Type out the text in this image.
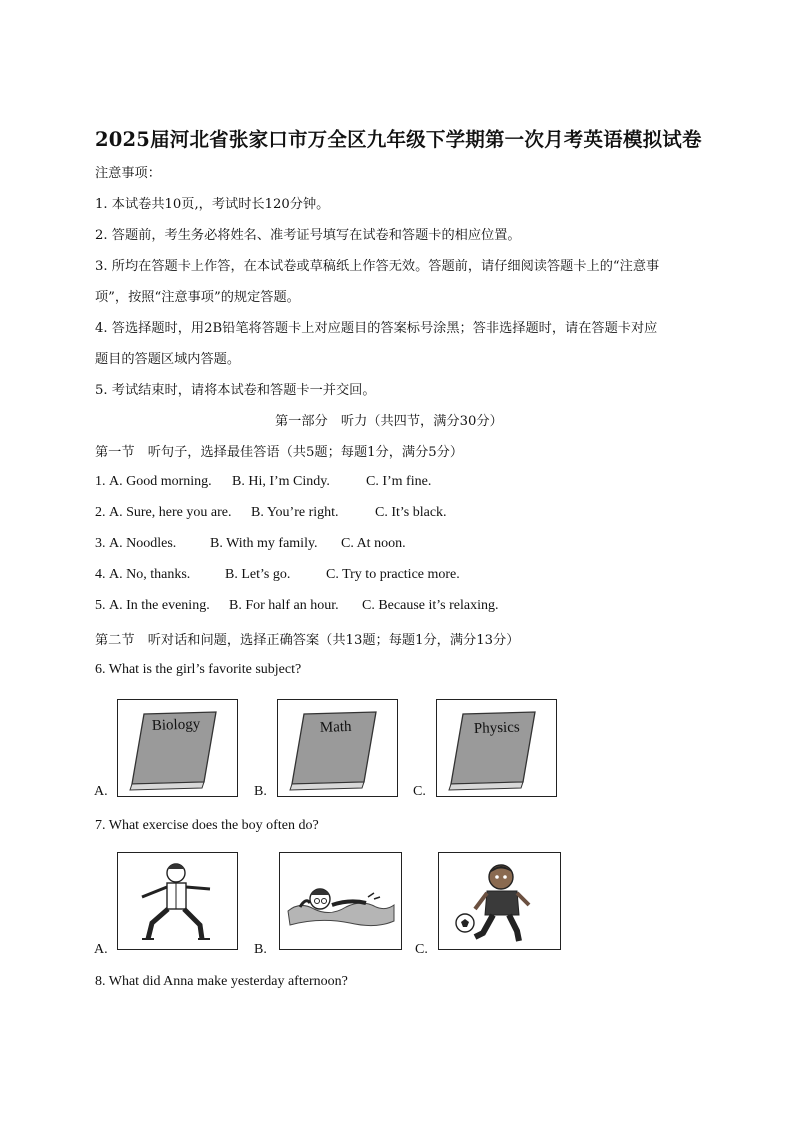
2025届河北省张家口市万全区九年级下学期第一次月考英语模拟试卷
注意事项：
1. 本试卷共10页,，考试时长120分钟。
2. 答题前，考生务必将姓名、准考证号填写在试卷和答题卡的相应位置。
3. 所均在答题卡上作答，在本试卷或草稿纸上作答无效。答题前，请仔细阅读答题卡上的“注意事
项”，按照“注意事项”的规定答题。
4. 答选择题时，用2B铅笔将答题卡上对应题目的答案标号涂黑；答非选择题时，请在答题卡对应
题目的答题区域内答题。
5. 考试结束时，请将本试卷和答题卡一并交回。
第一部分　听力（共四节，满分30分）
第一节　听句子，选择最佳答语（共5题；每题1分，满分5分）
1. A. Good morning. B. Hi, I’m Cindy.	C. I’m fine.
2. A. Sure, here you are. B. You’re right.	C. It’s black.
3. A. Noodles. B. With my family. C. At noon.
4. A. No, thanks. B. Let’s go.	C. Try to practice more.
5. A. In the evening. B. For half an hour. C. Because it’s relaxing.
第二节　听对话和问题，选择正确答案（共13题；每题1分，满分13分）
6. What is the girl’s favorite subject?
A.
Biology
B.
Math
C.
Physics
7. What exercise does the boy often do?
A.	B.	C.
8. What did Anna make yesterday afternoon?
